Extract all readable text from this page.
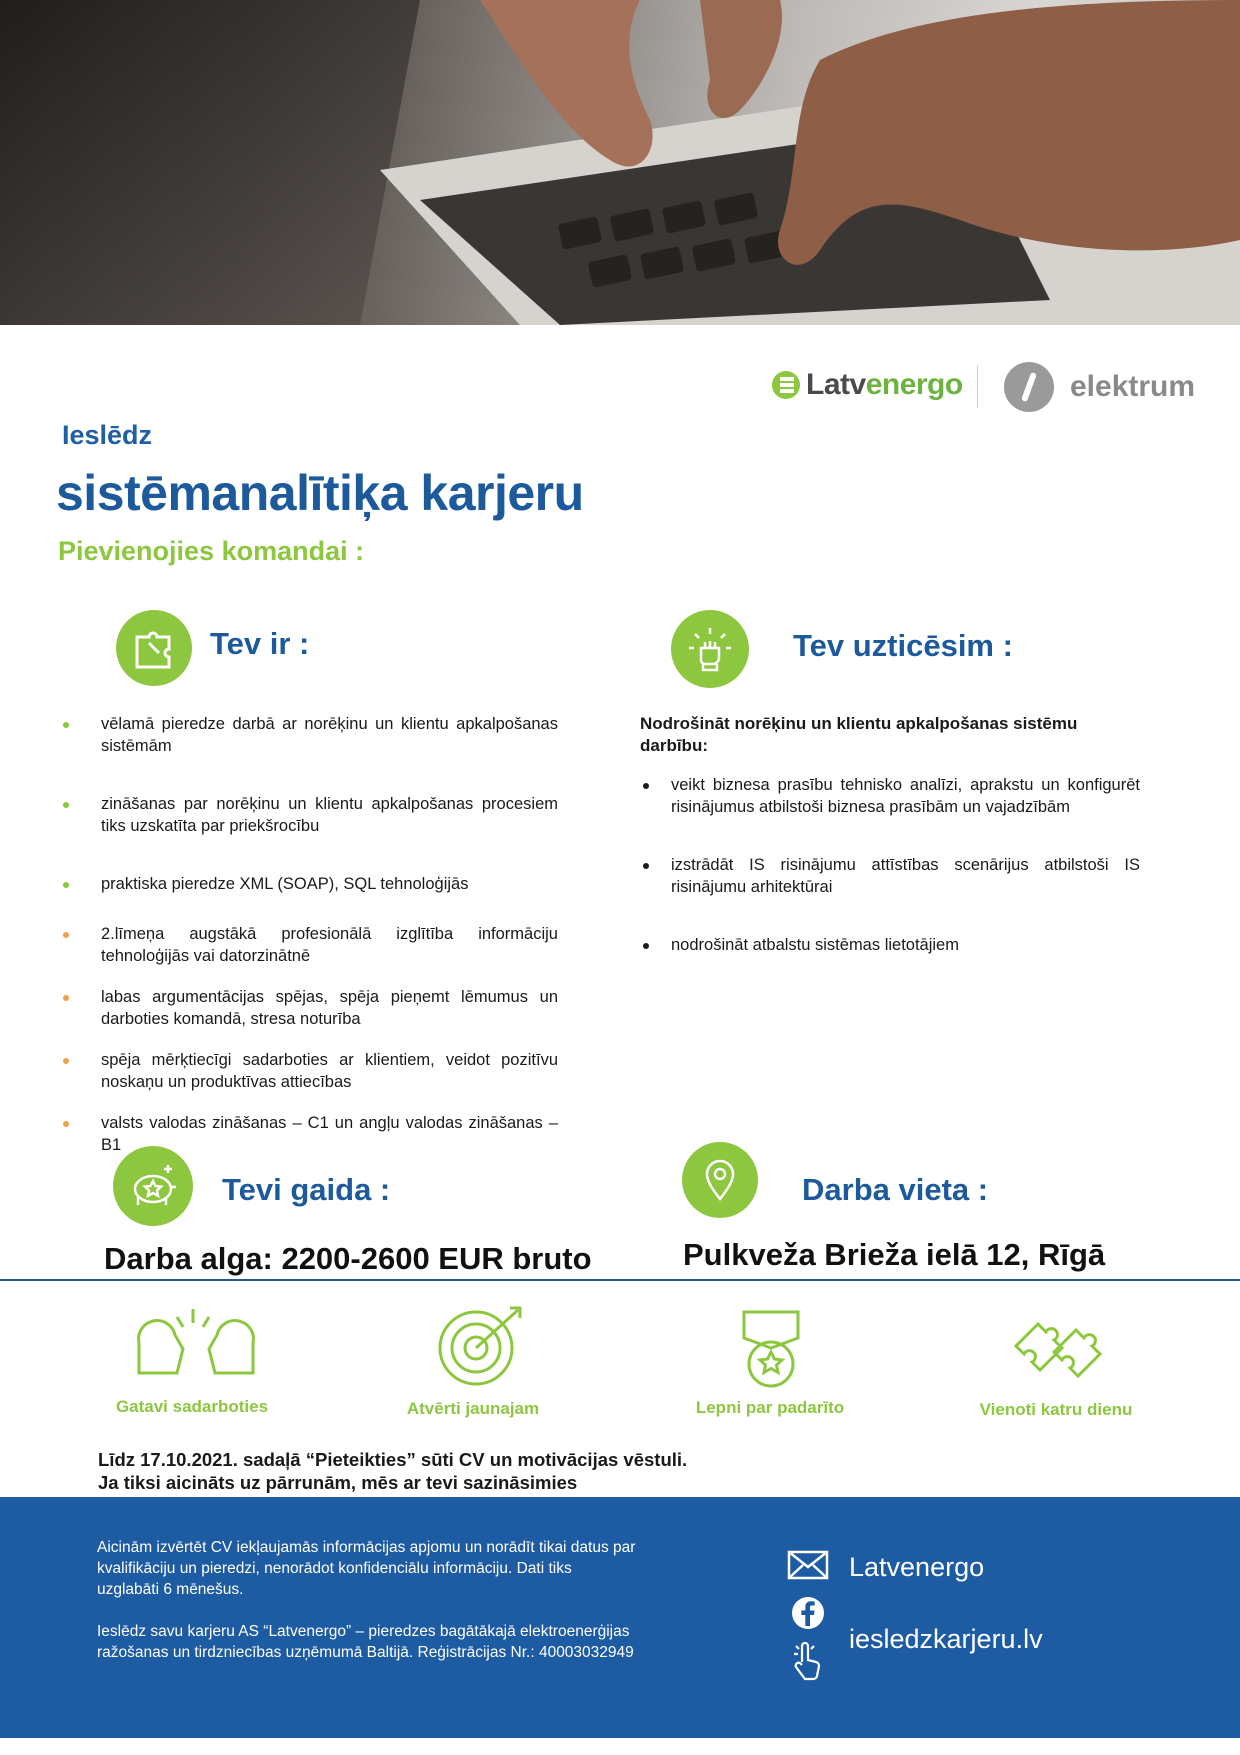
Latvenergo	elektrum
Ieslēdz
sistēmanalītiķa karjeru
Pievienojies komandai :
Tev ir :
vēlamā pieredze darbā ar norēķinu un klientu apkalpošanas sistēmām
zināšanas par norēķinu un klientu apkalpošanas procesiem tiks uzskatīta par priekšrocību
praktiska pieredze XML (SOAP), SQL tehnoloģijās
2.līmeņa augstākā profesionālā izglītība informāciju tehnoloģijās vai datorzinātnē
labas argumentācijas spējas, spēja pieņemt lēmumus un darboties komandā, stresa noturība
spēja mērķtiecīgi sadarboties ar klientiem, veidot pozitīvu noskaņu un produktīvas attiecības
valsts valodas zināšanas – C1 un angļu valodas zināšanas – B1
Tev uzticēsim :
Nodrošināt norēķinu un klientu apkalpošanas sistēmu darbību:
veikt biznesa prasību tehnisko analīzi, aprakstu un konfigurēt risinājumus atbilstoši biznesa prasībām un vajadzībām
izstrādāt IS risinājumu attīstības scenārijus atbilstoši IS risinājumu arhitektūrai
nodrošināt atbalstu sistēmas lietotājiem
Tevi gaida :
Darba alga: 2200-2600 EUR bruto
Darba vieta :
Pulkveža Brieža ielā 12, Rīgā
Gatavi sadarboties	Atvērti jaunajam	Lepni par padarīto	Vienoti katru dienu
Līdz 17.10.2021. sadaļā “Pieteikties” sūti CV un motivācijas vēstuli.
Ja tiksi aicināts uz pārrunām, mēs ar tevi sazināsimies

Aicinām izvērtēt CV iekļaujamās informācijas apjomu un norādīt tikai datus par kvalifikāciju un pieredzi, nenorādot konfidenciālu informāciju. Dati tiks uzglabāti 6 mēnešus.

Ieslēdz savu karjeru AS “Latvenergo” – pieredzes bagātākajā elektroenerģijas ražošanas un tirdzniecības uzņēmumā Baltijā. Reģistrācijas Nr.: 40003032949

Latvenergo
iesledzkarjeru.lv
